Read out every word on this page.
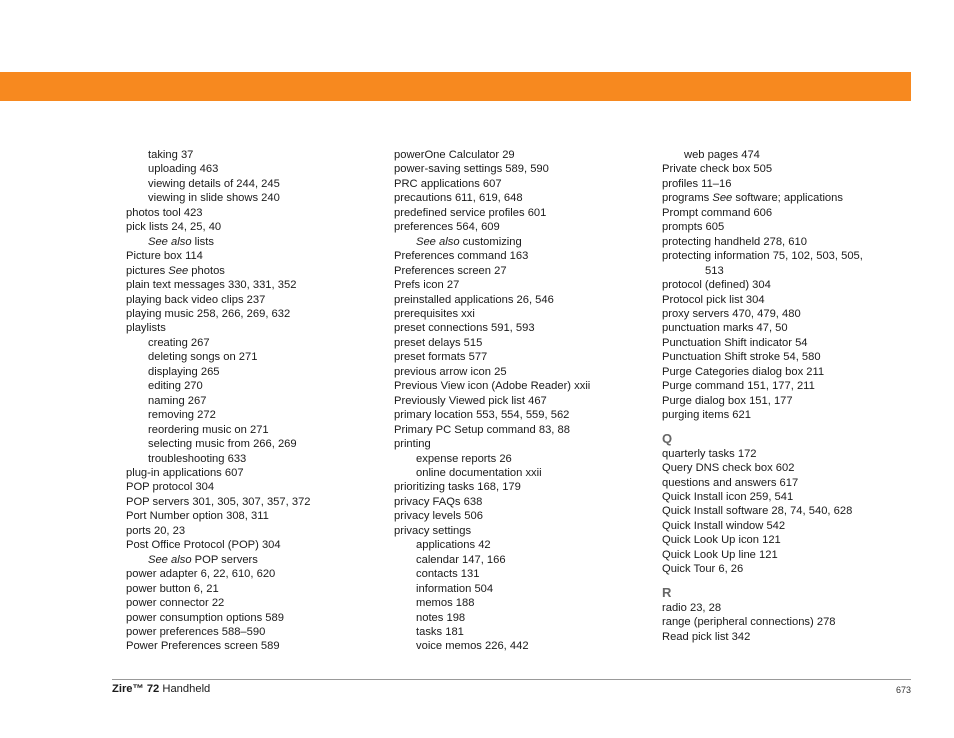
taking 37
uploading 463
viewing details of 244, 245
viewing in slide shows 240
photos tool 423
pick lists 24, 25, 40
See also lists
Picture box 114
pictures See photos
plain text messages 330, 331, 352
playing back video clips 237
playing music 258, 266, 269, 632
playlists
creating 267
deleting songs on 271
displaying 265
editing 270
naming 267
removing 272
reordering music on 271
selecting music from 266, 269
troubleshooting 633
plug-in applications 607
POP protocol 304
POP servers 301, 305, 307, 357, 372
Port Number option 308, 311
ports 20, 23
Post Office Protocol (POP) 304
See also POP servers
power adapter 6, 22, 610, 620
power button 6, 21
power connector 22
power consumption options 589
power preferences 588–590
Power Preferences screen 589
powerOne Calculator 29
power-saving settings 589, 590
PRC applications 607
precautions 611, 619, 648
predefined service profiles 601
preferences 564, 609
See also customizing
Preferences command 163
Preferences screen 27
Prefs icon 27
preinstalled applications 26, 546
prerequisites xxi
preset connections 591, 593
preset delays 515
preset formats 577
previous arrow icon 25
Previous View icon (Adobe Reader) xxii
Previously Viewed pick list 467
primary location 553, 554, 559, 562
Primary PC Setup command 83, 88
printing
expense reports 26
online documentation xxii
prioritizing tasks 168, 179
privacy FAQs 638
privacy levels 506
privacy settings
applications 42
calendar 147, 166
contacts 131
information 504
memos 188
notes 198
tasks 181
voice memos 226, 442
web pages 474
Private check box 505
profiles 11–16
programs See software; applications
Prompt command 606
prompts 605
protecting handheld 278, 610
protecting information 75, 102, 503, 505,
513
protocol (defined) 304
Protocol pick list 304
proxy servers 470, 479, 480
punctuation marks 47, 50
Punctuation Shift indicator 54
Punctuation Shift stroke 54, 580
Purge Categories dialog box 211
Purge command 151, 177, 211
Purge dialog box 151, 177
purging items 621
Q
quarterly tasks 172
Query DNS check box 602
questions and answers 617
Quick Install icon 259, 541
Quick Install software 28, 74, 540, 628
Quick Install window 542
Quick Look Up icon 121
Quick Look Up line 121
Quick Tour 6, 26
R
radio 23, 28
range (peripheral connections) 278
Read pick list 342
Zire™ 72 Handheld	673
